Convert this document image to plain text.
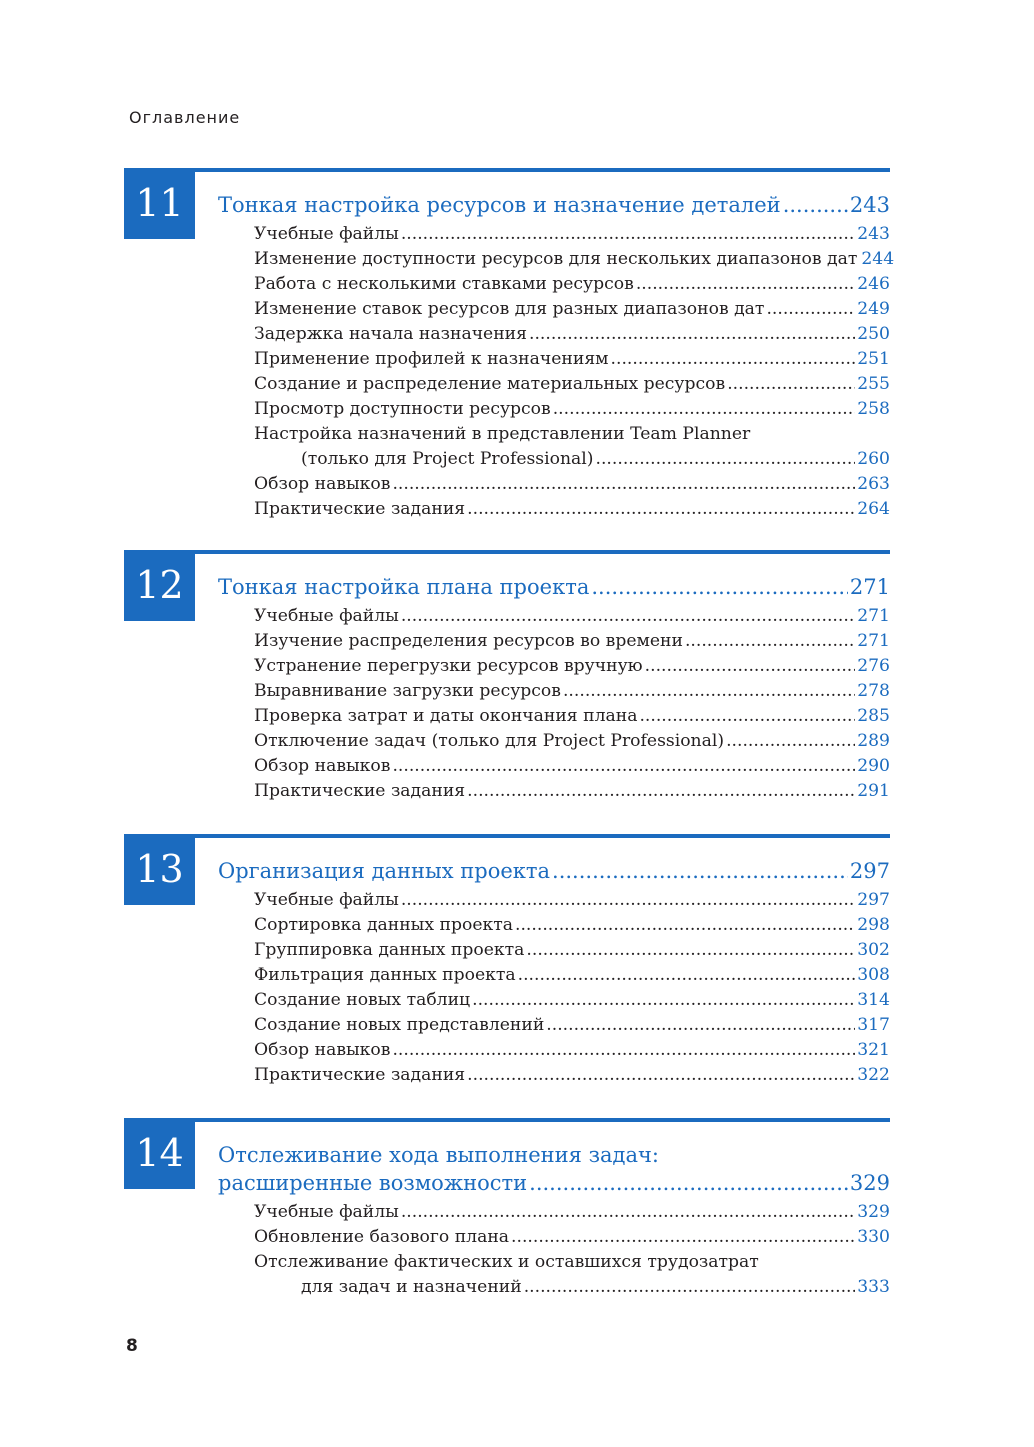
Оглавление
11	Тонкая настройка ресурсов и назначение деталей .....	243
Учебные файлы .....	243
Изменение доступности ресурсов для нескольких диапазонов дат 244
Работа с несколькими ставками ресурсов .....	246
Изменение ставок ресурсов для разных диапазонов дат .....	249
Задержка начала назначения .....	250
Применение профилей к назначениям .....	251
Создание и распределение материальных ресурсов .....	255
Просмотр доступности ресурсов .....	258
Настройка назначений в представлении Team Planner
(только для Project Professional) .....	260
Обзор навыков .....	263
Практические задания .....	264
12	Тонкая настройка плана проекта .....	271
Учебные файлы .....	271
Изучение распределения ресурсов во времени .....	271
Устранение перегрузки ресурсов вручную .....	276
Выравнивание загрузки ресурсов .....	278
Проверка затрат и даты окончания плана .....	285
Отключение задач (только для Project Professional) .....	289
Обзор навыков .....	290
Практические задания .....	291
13	Организация данных проекта .....	297
Учебные файлы .....	297
Сортировка данных проекта .....	298
Группировка данных проекта .....	302
Фильтрация данных проекта .....	308
Создание новых таблиц .....	314
Создание новых представлений .....	317
Обзор навыков .....	321
Практические задания .....	322
14	Отслеживание хода выполнения задач:
расширенные возможности .....	329
Учебные файлы .....	329
Обновление базового плана .....	330
Отслеживание фактических и оставшихся трудозатрат
для задач и назначений .....	333
8
